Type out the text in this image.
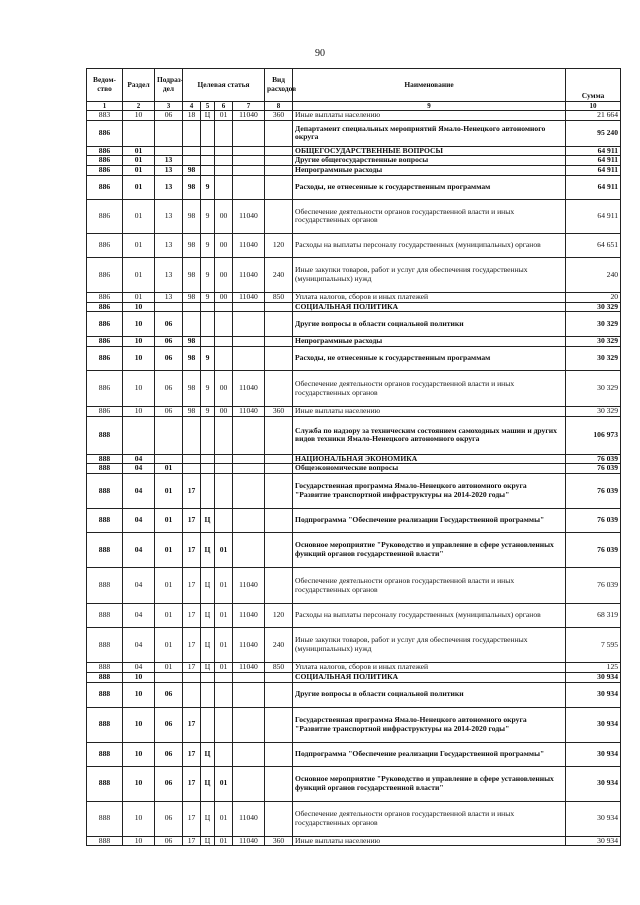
90
Ведом-ство	Раздел	Подраз-дел	Целевая статья				Вид расходов	Наименование	Сумма
1	2	3	4	5	6	7	8	9	10
883	10	06	18	Ц	01	11040	360	Иные выплаты населению	21 664
886								Департамент специальных мероприятий Ямало-Ненецкого автономного округа	95 240
886	01							ОБЩЕГОСУДАРСТВЕННЫЕ ВОПРОСЫ	64 911
886	01	13						Другие общегосударственные вопросы	64 911
886	01	13	98					Непрограммные расходы	64 911
886	01	13	98	9				Расходы, не отнесенные к государственным программам	64 911
886	01	13	98	9	00	11040		Обеспечение деятельности органов государственной власти и иных государственных органов	64 911
886	01	13	98	9	00	11040	120	Расходы на выплаты персоналу государственных (муниципальных) органов	64 651
886	01	13	98	9	00	11040	240	Иные закупки товаров, работ и услуг для обеспечения государственных (муниципальных) нужд	240
886	01	13	98	9	00	11040	850	Уплата налогов, сборов и иных платежей	20
886	10							СОЦИАЛЬНАЯ ПОЛИТИКА	30 329
886	10	06						Другие вопросы в области социальной политики	30 329
886	10	06	98					Непрограммные расходы	30 329
886	10	06	98	9				Расходы, не отнесенные к государственным программам	30 329
886	10	06	98	9	00	11040		Обеспечение деятельности органов государственной власти и иных государственных органов	30 329
886	10	06	98	9	00	11040	360	Иные выплаты населению	30 329
888								Служба по надзору за техническим состоянием самоходных машин и других видов техники Ямало-Ненецкого автономного округа	106 973
888	04							НАЦИОНАЛЬНАЯ ЭКОНОМИКА	76 039
888	04	01						Общеэкономические вопросы	76 039
888	04	01	17					Государственная программа Ямало-Ненецкого автономного округа "Развитие транспортной инфраструктуры на 2014-2020 годы"	76 039
888	04	01	17	Ц				Подпрограмма "Обеспечение реализации Государственной программы"	76 039
888	04	01	17	Ц	01			Основное мероприятие "Руководство и управление в сфере установленных функций органов государственной власти"	76 039
888	04	01	17	Ц	01	11040		Обеспечение деятельности органов государственной власти и иных государственных органов	76 039
888	04	01	17	Ц	01	11040	120	Расходы на выплаты персоналу государственных (муниципальных) органов	68 319
888	04	01	17	Ц	01	11040	240	Иные закупки товаров, работ и услуг для обеспечения государственных (муниципальных) нужд	7 595
888	04	01	17	Ц	01	11040	850	Уплата налогов, сборов и иных платежей	125
888	10							СОЦИАЛЬНАЯ ПОЛИТИКА	30 934
888	10	06						Другие вопросы в области социальной политики	30 934
888	10	06	17					Государственная программа Ямало-Ненецкого автономного округа "Развитие транспортной инфраструктуры на 2014-2020 годы"	30 934
888	10	06	17	Ц				Подпрограмма "Обеспечение реализации Государственной программы"	30 934
888	10	06	17	Ц	01			Основное мероприятие "Руководство и управление в сфере установленных функций органов государственной власти"	30 934
888	10	06	17	Ц	01	11040		Обеспечение деятельности органов государственной власти и иных государственных органов	30 934
888	10	06	17	Ц	01	11040	360	Иные выплаты населению	30 934
